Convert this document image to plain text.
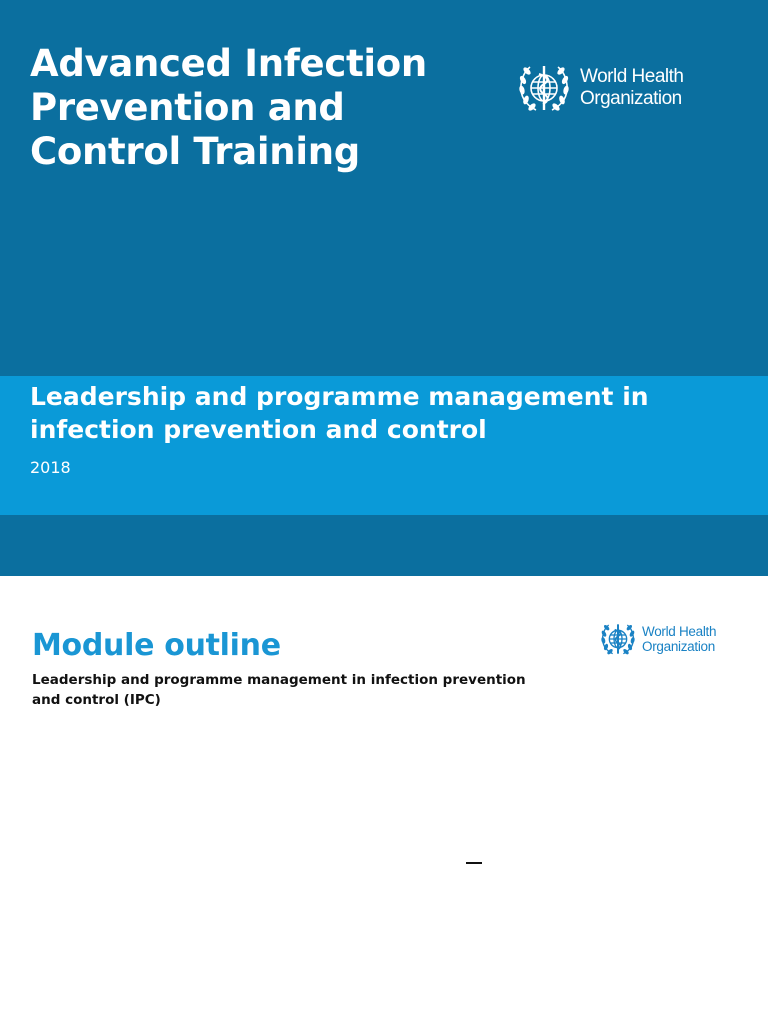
Advanced Infection Prevention and Control Training
World Health
Organization
Leadership and programme management in infection prevention and control
2018
Module outline

Leadership and programme management in infection prevention and control (IPC)

World Health
Organization
